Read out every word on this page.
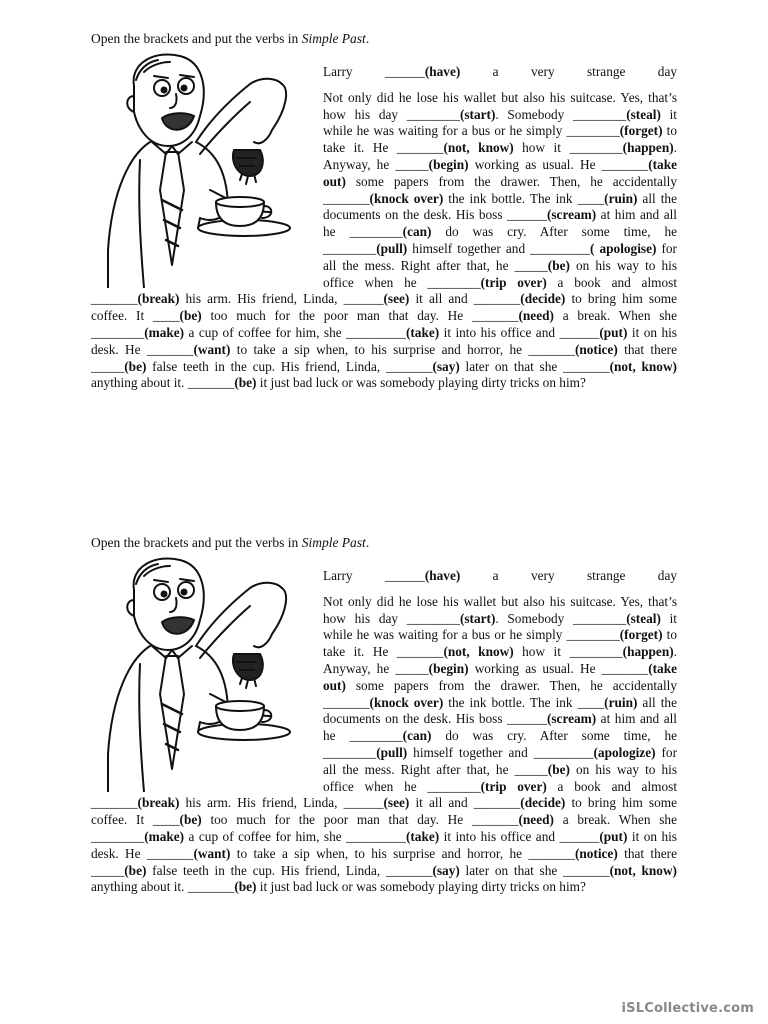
Open the brackets and put the verbs in Simple Past.

Larry ______(have) a very strange day

Not only did he lose his wallet but also his suitcase. Yes, that’s how his day ________(start). Somebody ________(steal) it while he was waiting for a bus or he simply ________(forget) to take it. He _______(not, know) how it ________(happen). Anyway, he _____(begin) working as usual. He _______(take out) some papers from the drawer. Then, he accidentally _______(knock over) the ink bottle. The ink ____(ruin) all the documents on the desk. His boss ______(scream) at him and all he ________(can) do was cry. After some time, he ________(pull) himself together and _________( apologise) for all the mess. Right after that, he _____(be) on his way to his office when he ________(trip over) a book and almost _______(break) his arm. His friend, Linda, ______(see) it all and _______(decide) to bring him some coffee. It ____(be) too much for the poor man that day. He _______(need) a break. When she ________(make) a cup of coffee for him, she _________(take) it into his office and ______(put) it on his desk. He _______(want) to take a sip when, to his surprise and horror, he _______(notice) that there _____(be) false teeth in the cup. His friend, Linda, _______(say) later on that she _______(not, know) anything about it. _______(be) it just bad luck or was somebody playing dirty tricks on him?

Open the brackets and put the verbs in Simple Past.

Larry ______(have) a very strange day

Not only did he lose his wallet but also his suitcase. Yes, that’s how his day ________(start). Somebody ________(steal) it while he was waiting for a bus or he simply ________(forget) to take it. He _______(not, know) how it ________(happen). Anyway, he _____(begin) working as usual. He _______(take out) some papers from the drawer. Then, he accidentally _______(knock over) the ink bottle. The ink ____(ruin) all the documents on the desk. His boss ______(scream) at him and all he ________(can) do was cry. After some time, he ________(pull) himself together and _________(apologize) for all the mess. Right after that, he _____(be) on his way to his office when he ________(trip over) a book and almost _______(break) his arm. His friend, Linda, ______(see) it all and _______(decide) to bring him some coffee. It ____(be) too much for the poor man that day. He _______(need) a break. When she ________(make) a cup of coffee for him, she _________(take) it into his office and ______(put) it on his desk. He _______(want) to take a sip when, to his surprise and horror, he _______(notice) that there _____(be) false teeth in the cup. His friend, Linda, _______(say) later on that she _______(not, know) anything about it. _______(be) it just bad luck or was somebody playing dirty tricks on him?

iSLCollective.com
